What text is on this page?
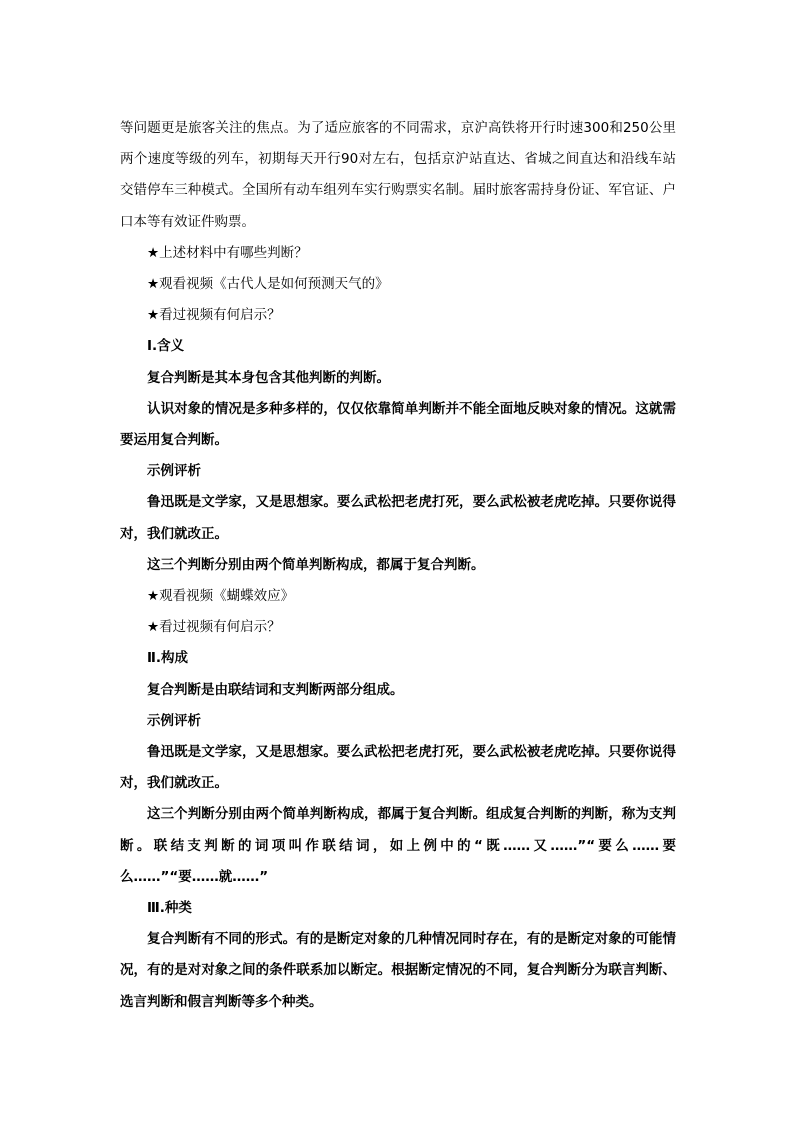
等问题更是旅客关注的焦点。为了适应旅客的不同需求，京沪高铁将开行时速300和250公里两个速度等级的列车，初期每天开行90对左右，包括京沪站直达、省城之间直达和沿线车站交错停车三种模式。全国所有动车组列车实行购票实名制。届时旅客需持身份证、军官证、户口本等有效证件购票。

★上述材料中有哪些判断？

★观看视频《古代人是如何预测天气的》

★看过视频有何启示？

Ⅰ.含义

复合判断是其本身包含其他判断的判断。

认识对象的情况是多种多样的，仅仅依靠简单判断并不能全面地反映对象的情况。这就需要运用复合判断。

示例评析

鲁迅既是文学家，又是思想家。要么武松把老虎打死，要么武松被老虎吃掉。只要你说得对，我们就改正。

这三个判断分别由两个简单判断构成，都属于复合判断。

★观看视频《蝴蝶效应》

★看过视频有何启示？

Ⅱ.构成

复合判断是由联结词和支判断两部分组成。

示例评析

鲁迅既是文学家，又是思想家。要么武松把老虎打死，要么武松被老虎吃掉。只要你说得对，我们就改正。

这三个判断分别由两个简单判断构成，都属于复合判断。组成复合判断的判断，称为支判断。联结支判断的词项叫作联结词，如上例中的“既……又……”“要么……要么……”“要……就……”

Ⅲ.种类

复合判断有不同的形式。有的是断定对象的几种情况同时存在，有的是断定对象的可能情况，有的是对对象之间的条件联系加以断定。根据断定情况的不同，复合判断分为联言判断、选言判断和假言判断等多个种类。
